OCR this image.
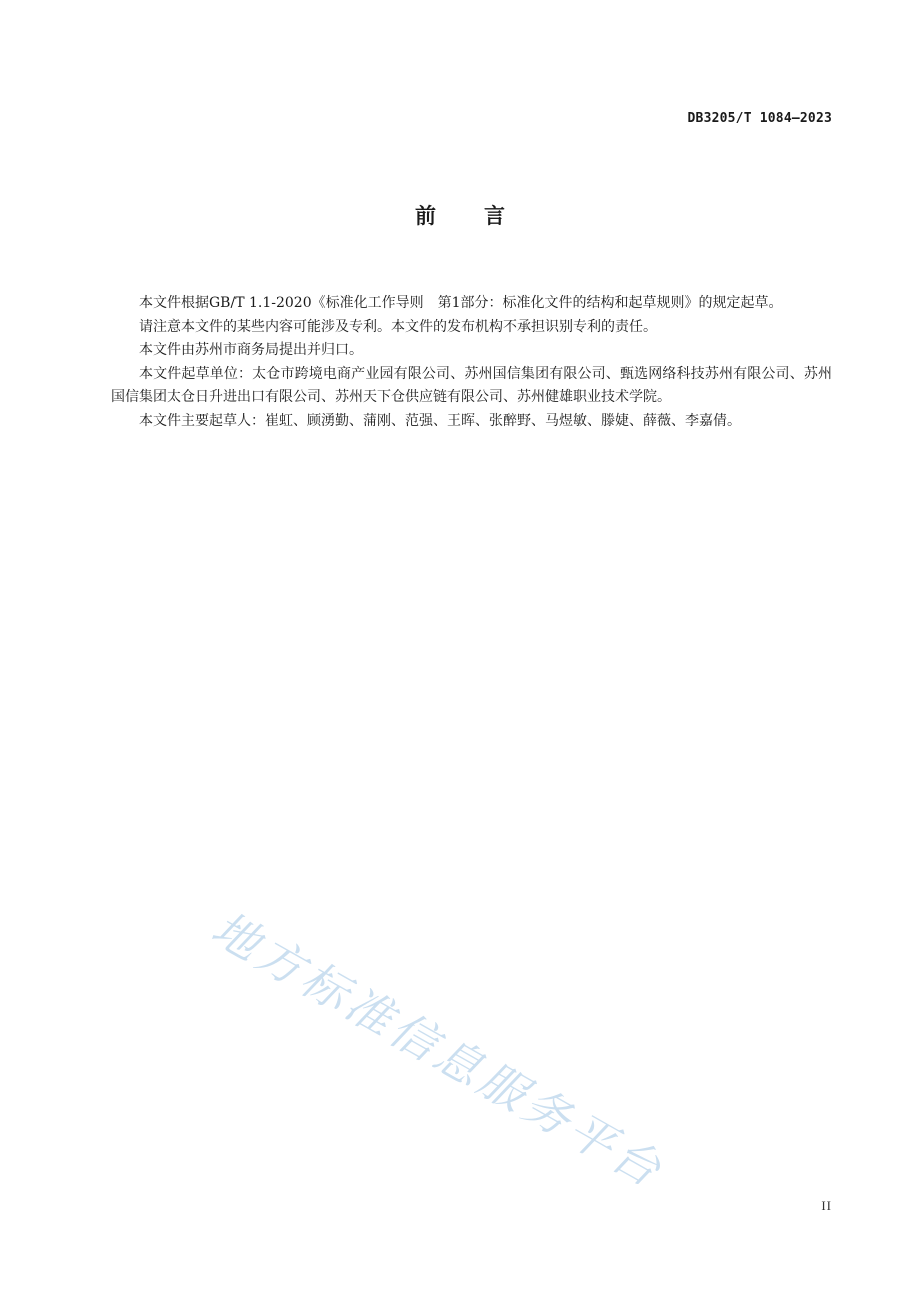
DB3205/T 1084—2023
前言

本文件根据GB/T 1.1-2020《标准化工作导则　第1部分：标准化文件的结构和起草规则》的规定起草。

请注意本文件的某些内容可能涉及专利。本文件的发布机构不承担识别专利的责任。

本文件由苏州市商务局提出并归口。

本文件起草单位：太仓市跨境电商产业园有限公司、苏州国信集团有限公司、甄选网络科技苏州有限公司、苏州国信集团太仓日升进出口有限公司、苏州天下仓供应链有限公司、苏州健雄职业技术学院。

本文件主要起草人：崔虹、顾湧勤、蒲刚、范强、王晖、张醉野、马煜敏、滕婕、薛薇、李嘉倩。

地方标准信息服务平台
II
